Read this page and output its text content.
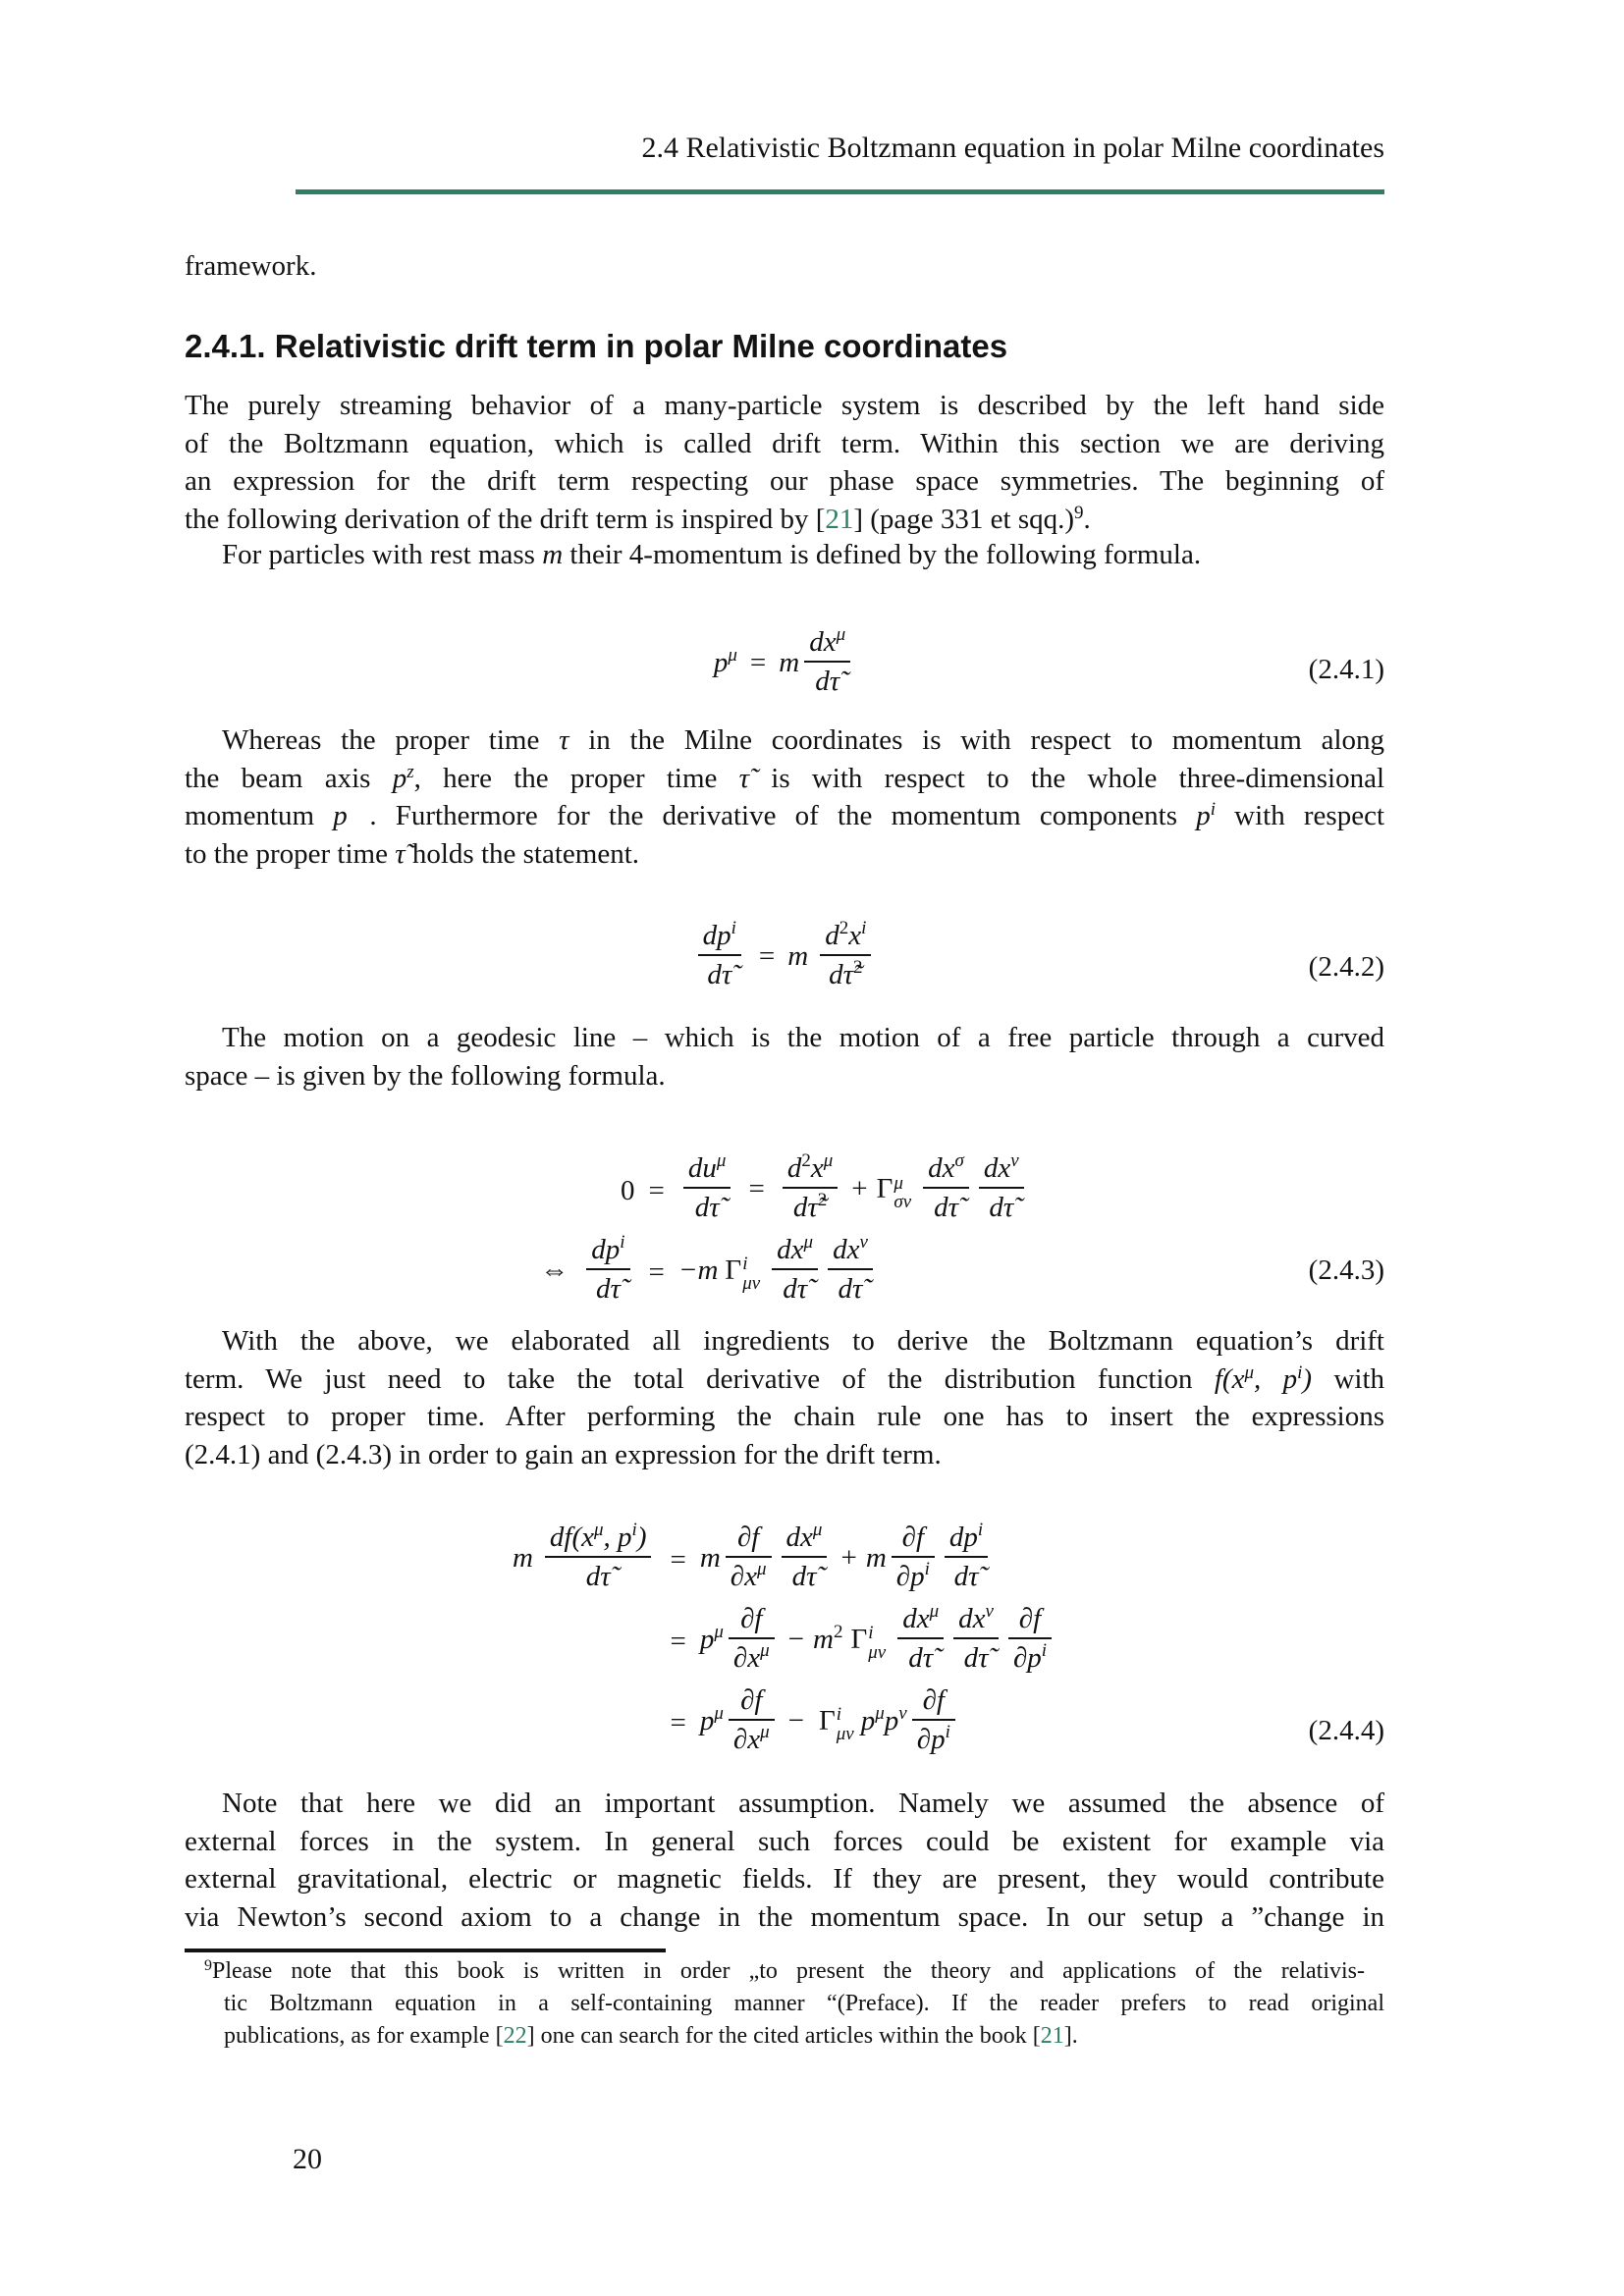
2.4 Relativistic Boltzmann equation in polar Milne coordinates
framework.
2.4.1. Relativistic drift term in polar Milne coordinates
The purely streaming behavior of a many-particle system is described by the left hand side
of the Boltzmann equation, which is called drift term. Within this section we are deriving
an expression for the drift term respecting our phase space symmetries. The beginning of
the following derivation of the drift term is inspired by [21] (page 331 et sqq.)$^9$.
For particles with rest mass m their 4-momentum is defined by the following formula.
$p^\mu = m \frac{dx^\mu}{d\taũ}$	(2.4.1)
Whereas the proper time τ in the Milne coordinates is with respect to momentum along
the beam axis $p^z$, here the proper time τ̃ is with respect to the whole three-dimensional
momentum p⃗. Furthermore for the derivative of the momentum components $p^i$ with respect
to the proper time τ̃ holds the statement.
$\frac{dp^i}{d\taũ} = m \frac{d^2x^i}{d\taũ^2}$	(2.4.2)
The motion on a geodesic line – which is the motion of a free particle through a curved
space – is given by the following formula.
$0 = \frac{du^\mu}{d\taũ} = \frac{d^2x^\mu}{d\taũ^2} + \Gamma$ μ
σν $\frac{dx^\sigma}{d\taũ} \frac{dx^\nu}{d\taũ}$
⇔ $\frac{dp^i}{d\taũ} = -m$ Γ i
μν $\frac{dx^\mu}{d\taũ} \frac{dx^\nu}{d\taũ}$	(2.4.3)
With the above, we elaborated all ingredients to derive the Boltzmann equation’s drift
term. We just need to take the total derivative of the distribution function $f(x^\mu$, $p^i$) with
respect to proper time. After performing the chain rule one has to insert the expressions
(2.4.1) and (2.4.3) in order to gain an expression for the drift term.
m $\frac{df(x^\mu, p^i)}{d\taũ} = m \frac{\partial f}{\partial x^\mu} \frac{dx^\mu}{d\taũ} + m \frac{\partial f}{\partial p^i} \frac{dp^i}{d\taũ}$
= $p^\mu \frac{\partial f}{\partial x^\mu} - m^2$ Γ i
μν $\frac{dx^\mu}{d\taũ} \frac{dx^\nu}{d\taũ} \frac{\partial f}{\partial p^i}$
= $p^\mu \frac{\partial f}{\partial x^\mu} - \Gamma$ i
μν $p^\mu p^\nu \frac{\partial f}{\partial p^i}$	(2.4.4)
Note that here we did an important assumption. Namely we assumed the absence of
external forces in the system. In general such forces could be existent for example via
external gravitational, electric or magnetic fields. If they are present, they would contribute
via Newton’s second axiom to a change in the momentum space. In our setup a ”change in
$^9$Please note that this book is written in order „to present the theory and applications of the relativis-
tic Boltzmann equation in a self-containing manner “(Preface). If the reader prefers to read original
publications, as for example [22] one can search for the cited articles within the book [21].
20
